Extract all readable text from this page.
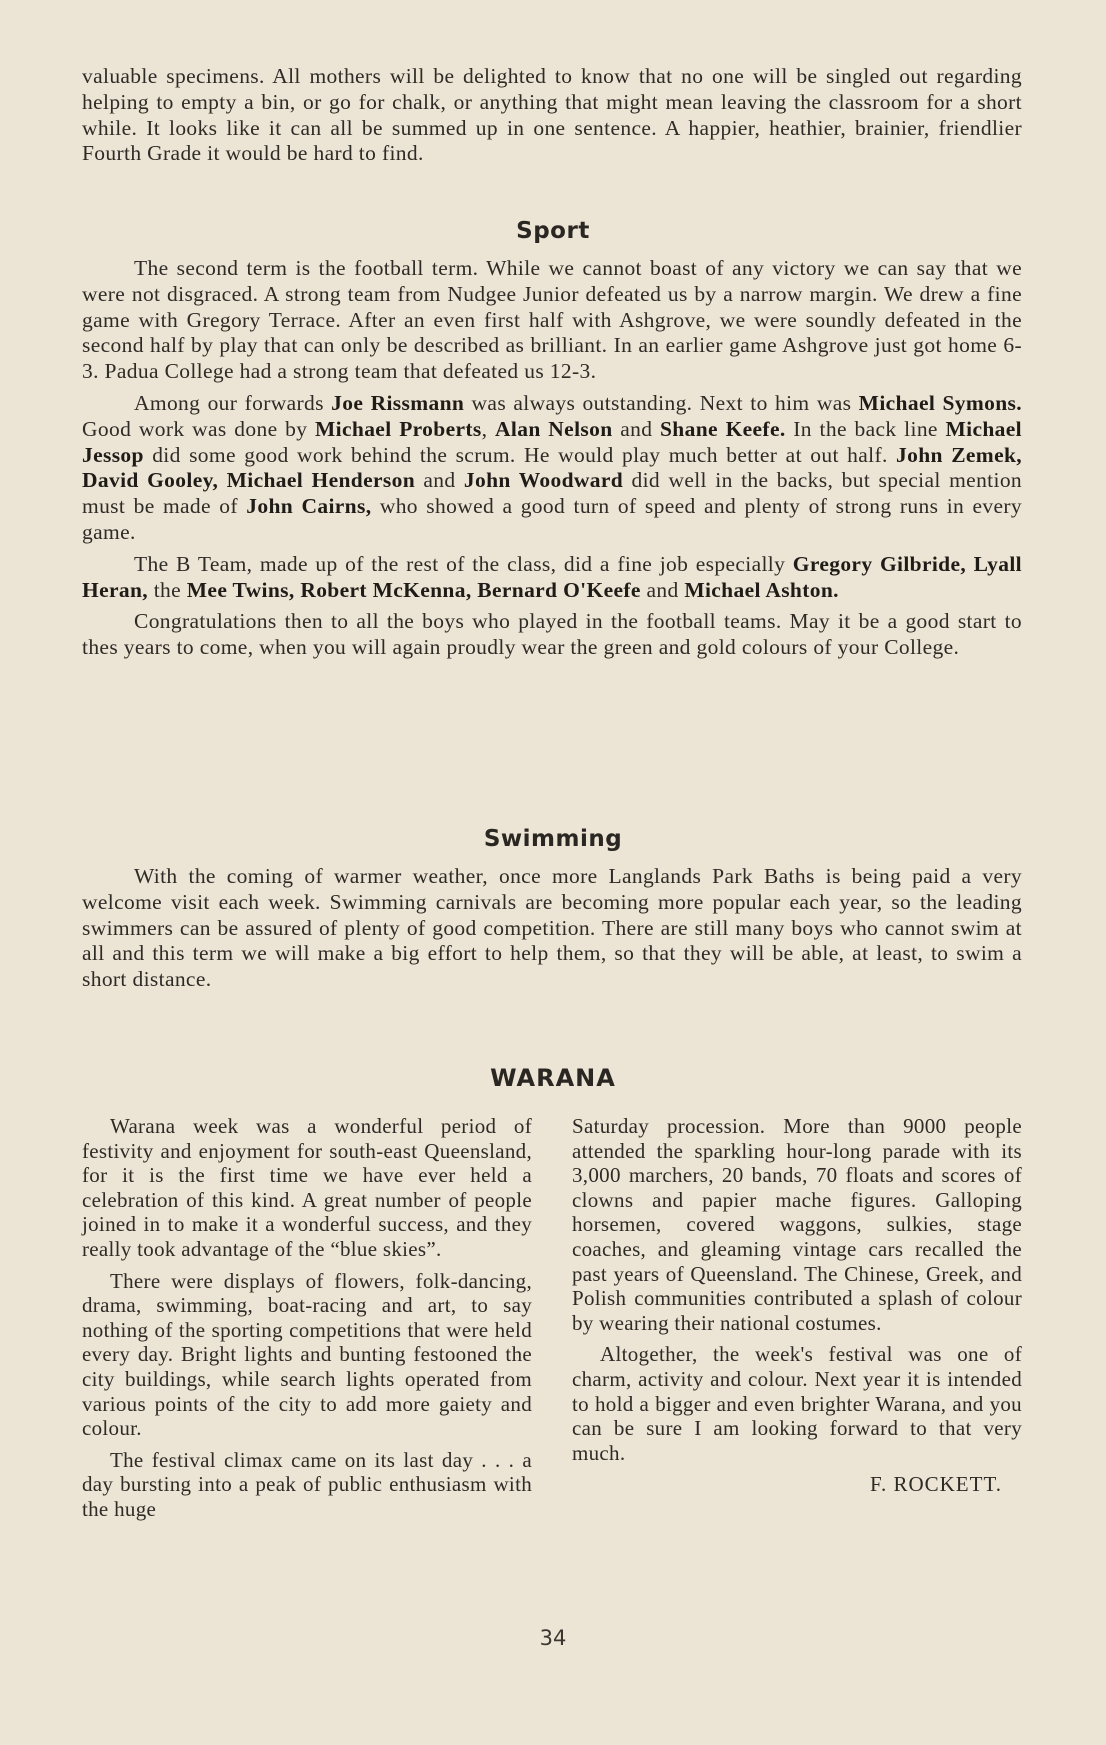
valuable specimens. All mothers will be delighted to know that no one will be singled out regarding helping to empty a bin, or go for chalk, or anything that might mean leaving the classroom for a short while. It looks like it can all be summed up in one sentence. A happier, heathier, brainier, friendlier Fourth Grade it would be hard to find.

Sport

The second term is the football term. While we cannot boast of any victory we can say that we were not disgraced. A strong team from Nudgee Junior defeated us by a narrow margin. We drew a fine game with Gregory Terrace. After an even first half with Ashgrove, we were soundly defeated in the second half by play that can only be described as brilliant. In an earlier game Ashgrove just got home 6-3. Padua College had a strong team that defeated us 12-3.

Among our forwards Joe Rissmann was always outstanding. Next to him was Michael Symons. Good work was done by Michael Proberts, Alan Nelson and Shane Keefe. In the back line Michael Jessop did some good work behind the scrum. He would play much better at out half. John Zemek, David Gooley, Michael Henderson and John Woodward did well in the backs, but special mention must be made of John Cairns, who showed a good turn of speed and plenty of strong runs in every game.

The B Team, made up of the rest of the class, did a fine job especially Gregory Gilbride, Lyall Heran, the Mee Twins, Robert McKenna, Bernard O'Keefe and Michael Ashton.

Congratulations then to all the boys who played in the football teams. May it be a good start to thes years to come, when you will again proudly wear the green and gold colours of your College.

Swimming

With the coming of warmer weather, once more Langlands Park Baths is being paid a very welcome visit each week. Swimming carnivals are becoming more popular each year, so the leading swimmers can be assured of plenty of good competition. There are still many boys who cannot swim at all and this term we will make a big effort to help them, so that they will be able, at least, to swim a short distance.

WARANA

Warana week was a wonderful period of festivity and enjoyment for south-east Queensland, for it is the first time we have ever held a celebration of this kind. A great number of people joined in to make it a wonderful success, and they really took advantage of the “blue skies”.

There were displays of flowers, folk-dancing, drama, swimming, boat-racing and art, to say nothing of the sporting competitions that were held every day. Bright lights and bunting festooned the city buildings, while search lights operated from various points of the city to add more gaiety and colour.

The festival climax came on its last day . . . a day bursting into a peak of public enthusiasm with the huge

Saturday procession. More than 9000 people attended the sparkling hour-long parade with its 3,000 marchers, 20 bands, 70 floats and scores of clowns and papier mache figures. Galloping horsemen, covered waggons, sulkies, stage coaches, and gleaming vintage cars recalled the past years of Queensland. The Chinese, Greek, and Polish communities contributed a splash of colour by wearing their national costumes.

Altogether, the week's festival was one of charm, activity and colour. Next year it is intended to hold a bigger and even brighter Warana, and you can be sure I am looking forward to that very much.

F. ROCKETT.
34
